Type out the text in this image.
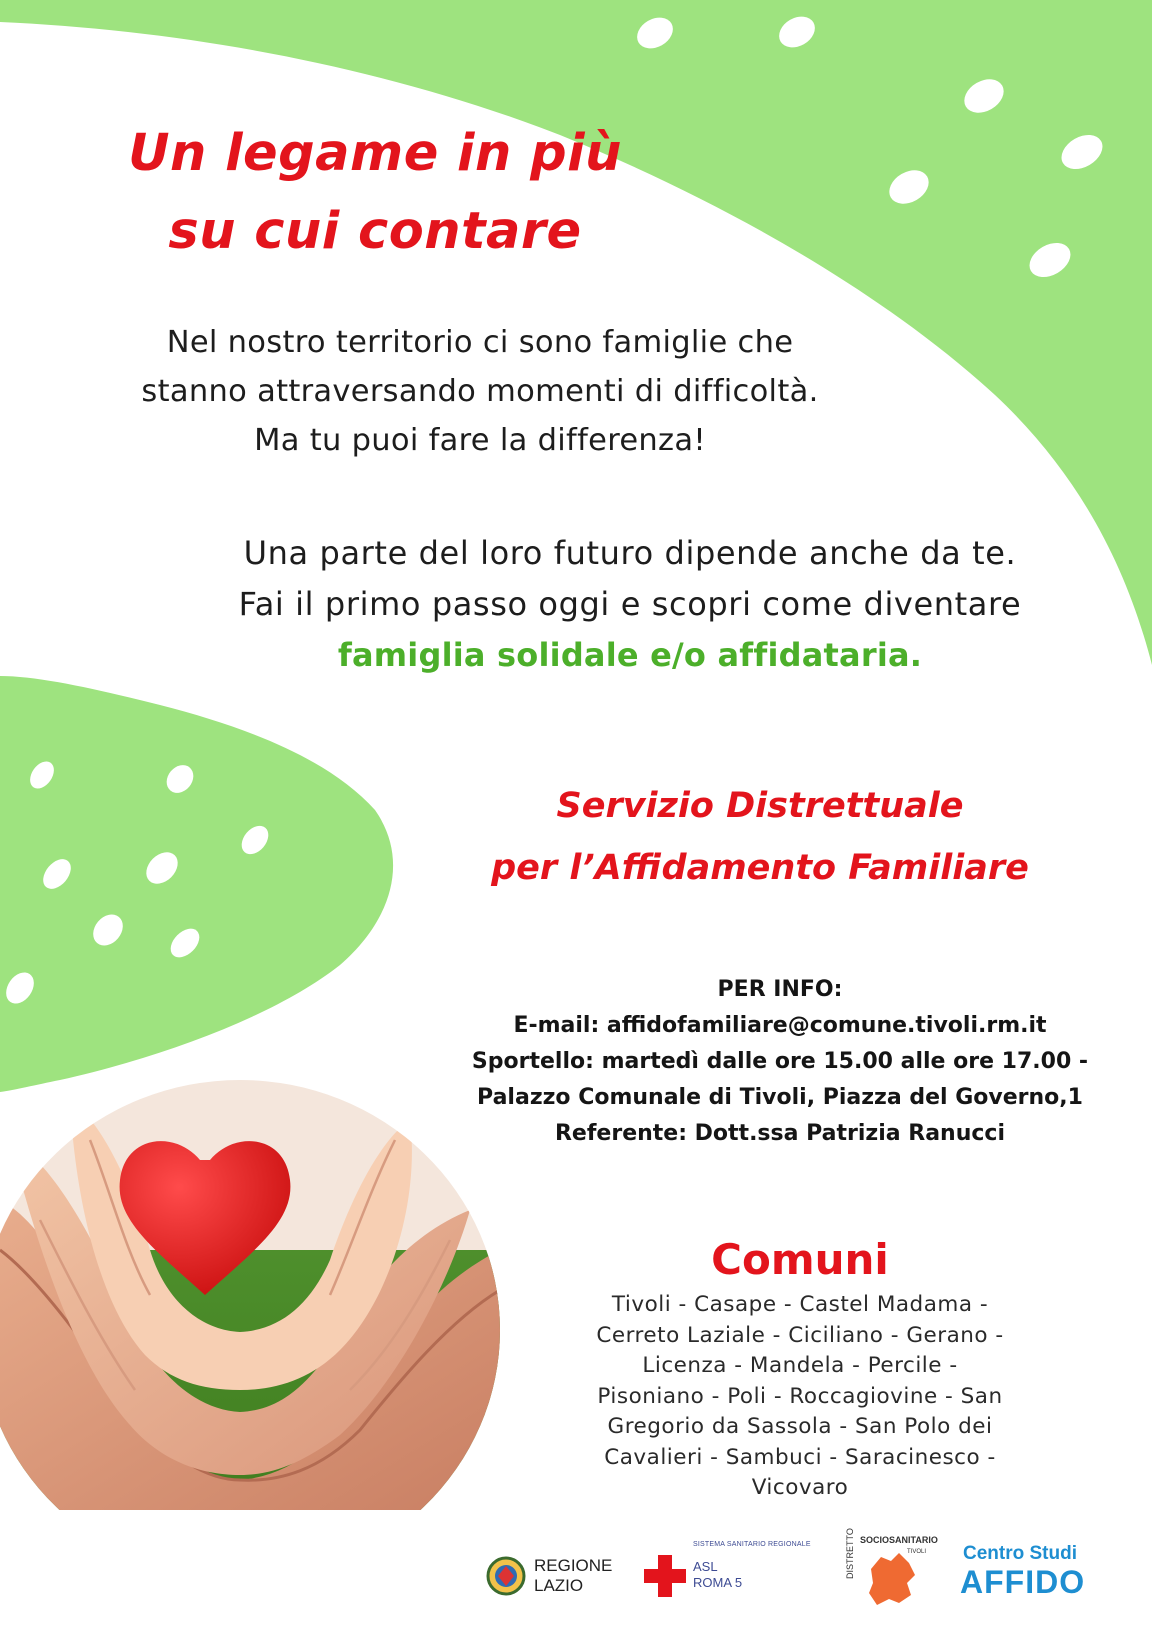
Un legame in più
su cui contare
Nel nostro territorio ci sono famiglie che
stanno attraversando momenti di difficoltà.
Ma tu puoi fare la differenza!
Una parte del loro futuro dipende anche da te.
Fai il primo passo oggi e scopri come diventare
famiglia solidale e/o affidataria.
Servizio Distrettuale
per l’Affidamento Familiare
PER INFO:
E-mail: affidofamiliare@comune.tivoli.rm.it
Sportello: martedì dalle ore 15.00 alle ore 17.00 -
Palazzo Comunale di Tivoli, Piazza del Governo,1
Referente: Dott.ssa Patrizia Ranucci
Comuni
Tivoli - Casape - Castel Madama -
Cerreto Laziale - Ciciliano - Gerano -
Licenza - Mandela - Percile -
Pisoniano - Poli - Roccagiovine - San
Gregorio da Sassola - San Polo dei
Cavalieri - Sambuci - Saracinesco -
Vicovaro
REGIONE
LAZIO
SISTEMA SANITARIO REGIONALE
ASL
ROMA 5
DISTRETTO SOCIOSANITARIO
TIVOLI Centro Studi
AFFIDO
